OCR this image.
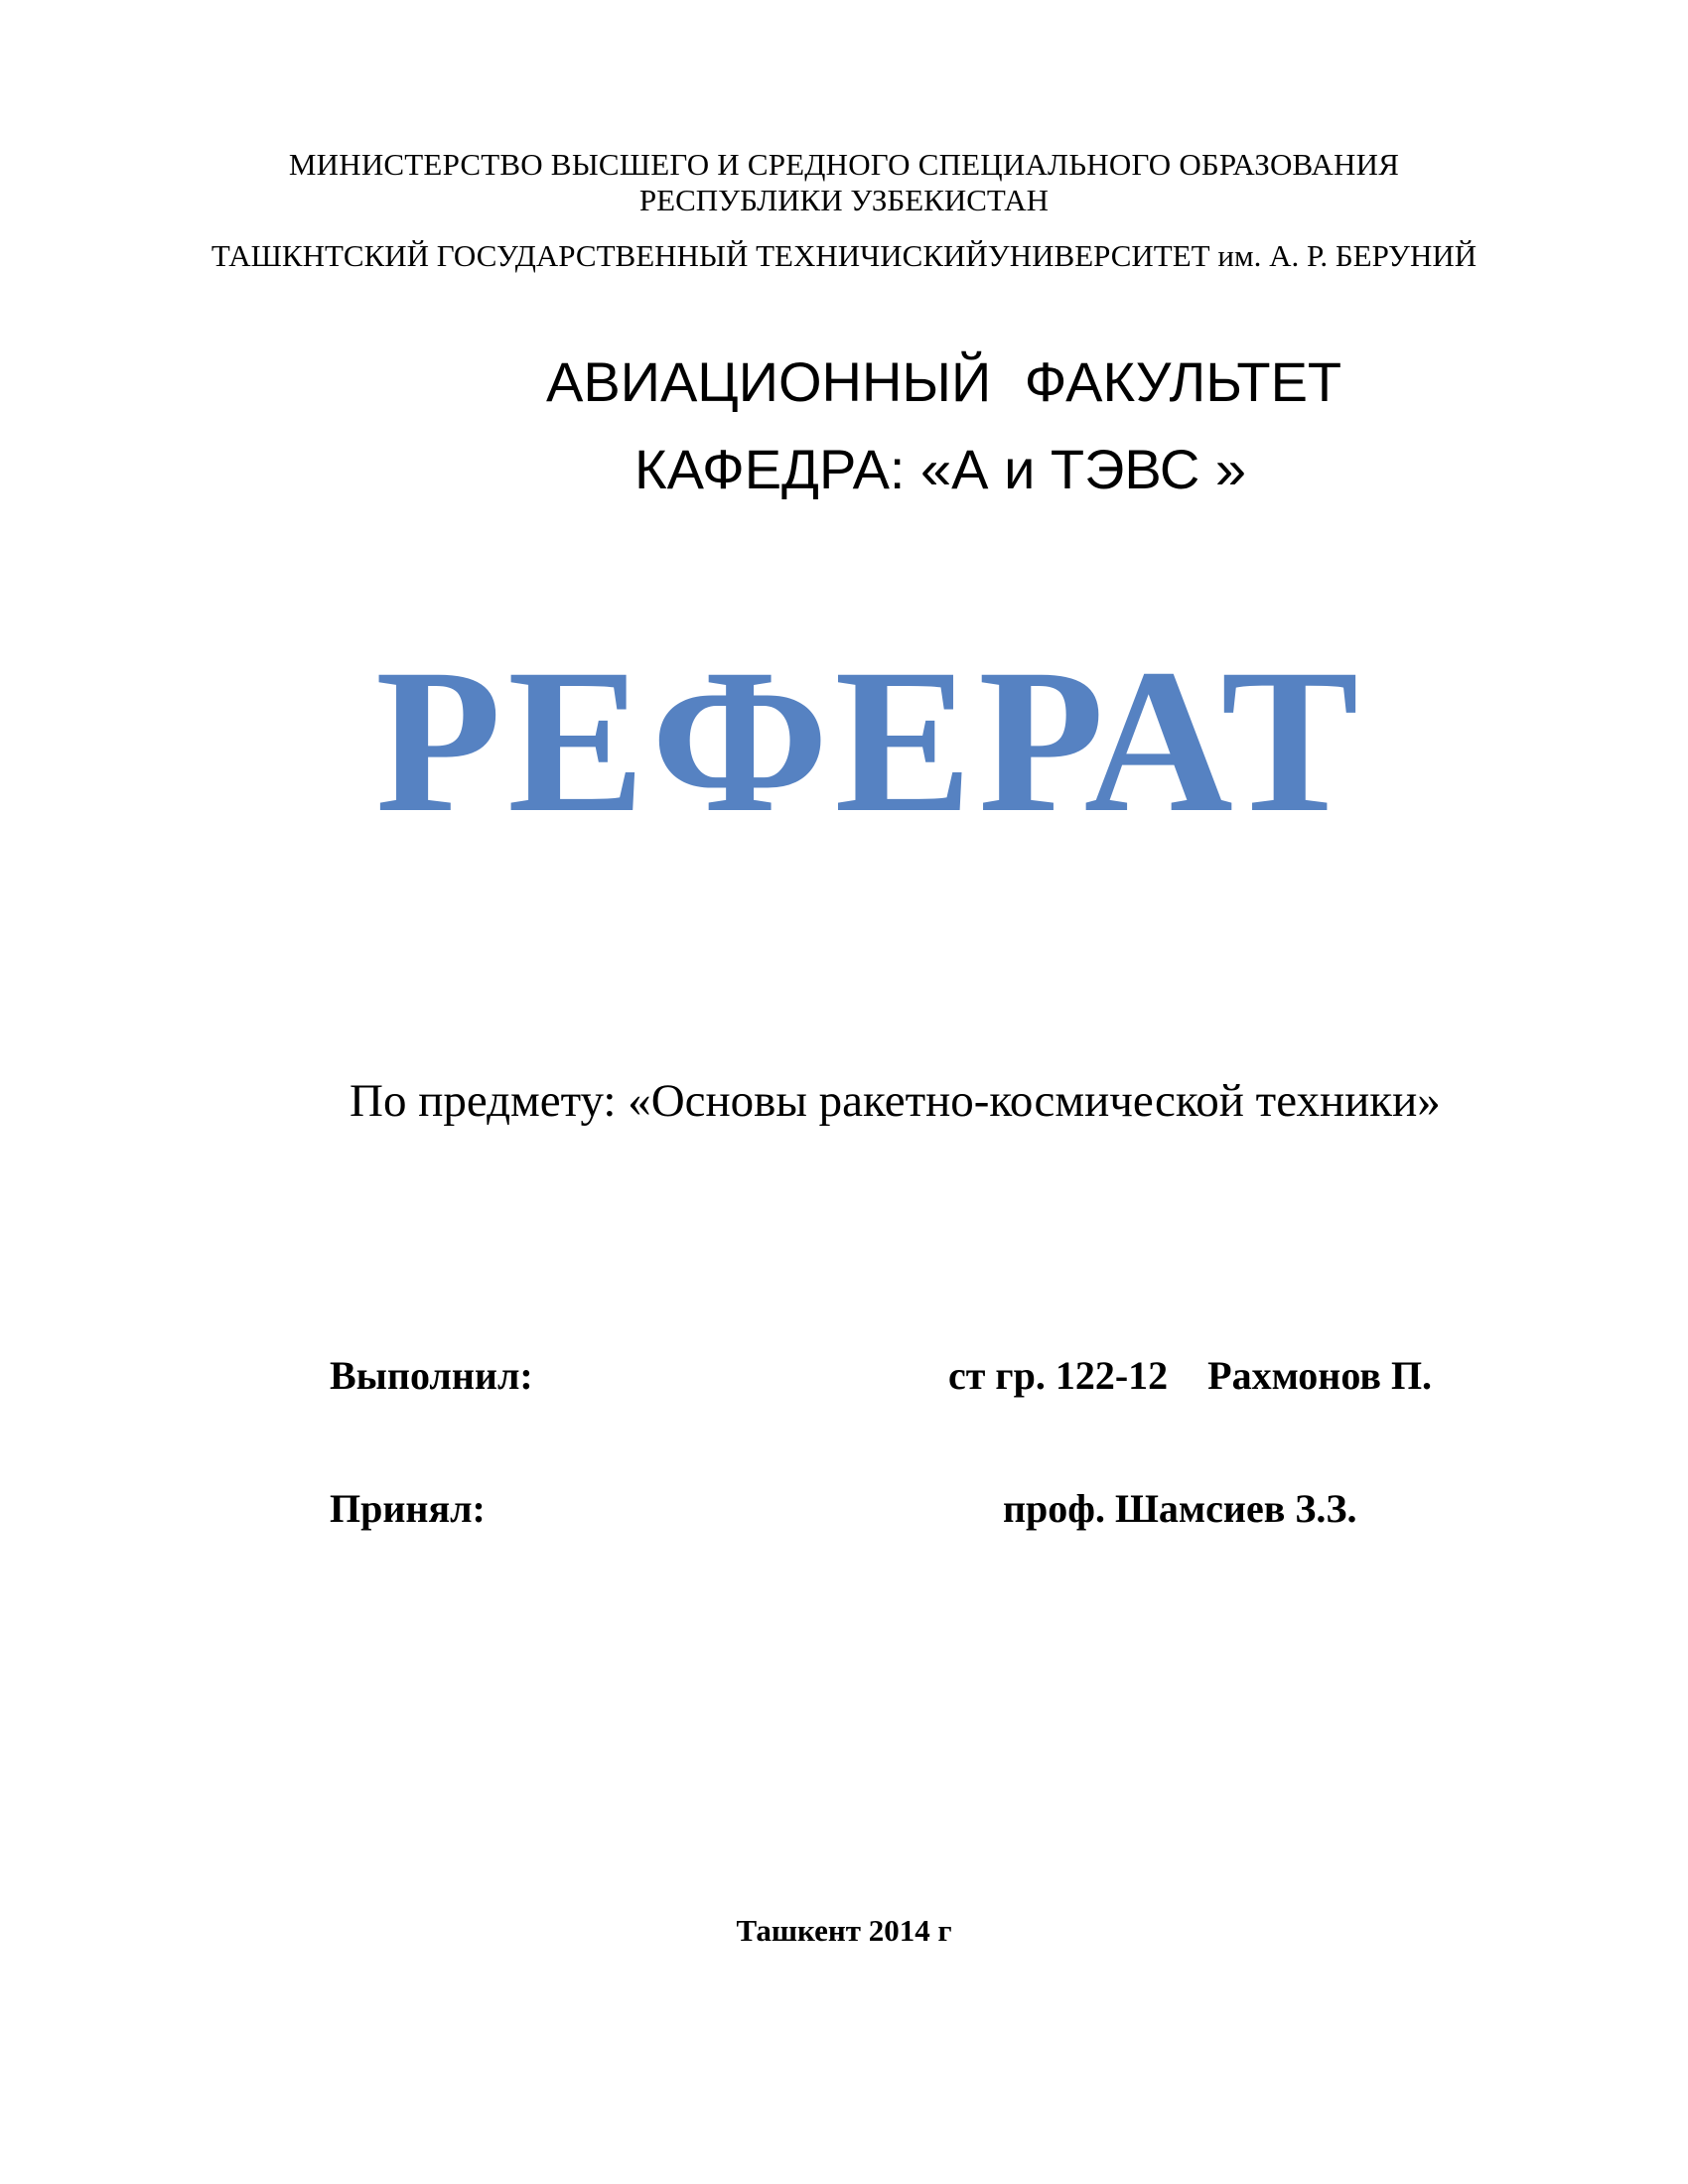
МИНИСТЕРСТВО ВЫСШЕГО И СРЕДНОГО СПЕЦИАЛЬНОГО ОБРАЗОВАНИЯ
РЕСПУБЛИКИ УЗБЕКИСТАН
ТАШКНТСКИЙ ГОСУДАРСТВЕННЫЙ ТЕХНИЧИСКИЙУНИВЕРСИТЕТ им. А. Р. БЕРУНИЙ
АВИАЦИОННЫЙ ФАКУЛЬТЕТ
КАФЕДРА: «А и ТЭВС »
РЕФЕРАТ
По предмету: «Основы ракетно-космической техники»
Выполнил:	ст гр. 122-12    Рахмонов П.
Принял:	проф. Шамсиев З.З.
Ташкент 2014 г
